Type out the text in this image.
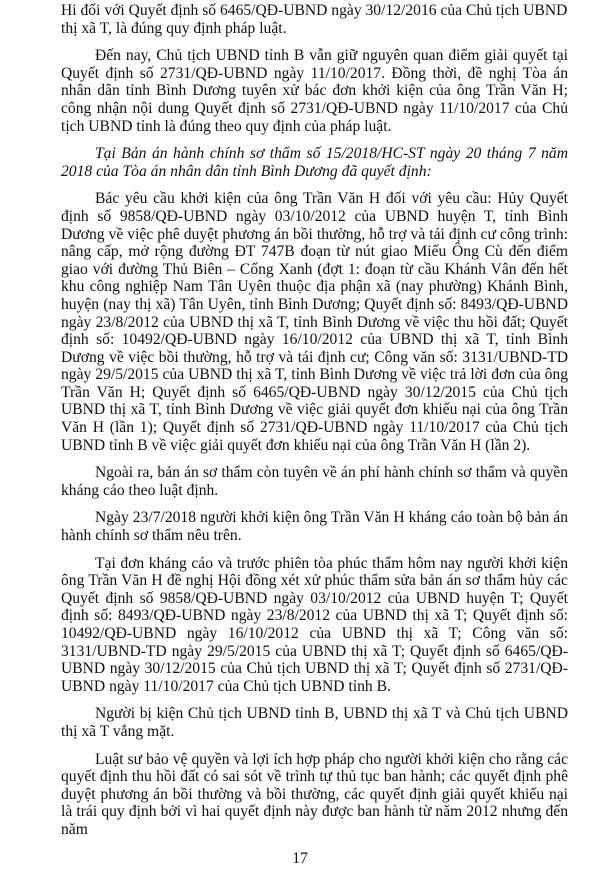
Hi đối với Quyết định số 6465/QĐ-UBND ngày 30/12/2016 của Chủ tịch UBND
thị xã T, là đúng quy định pháp luật.

Đến nay, Chủ tịch UBND tỉnh B vẫn giữ nguyên quan điểm giải quyết tại Quyết định số 2731/QĐ-UBND ngày 11/10/2017. Đồng thời, đề nghị Tòa án nhân dân tỉnh Bình Dương tuyên xử bác đơn khởi kiện của ông Trần Văn H; công nhận nội dung Quyết định số 2731/QĐ-UBND ngày 11/10/2017 của Chủ tịch UBND tỉnh là đúng theo quy định của pháp luật.

Tại Bản án hành chính sơ thẩm số 15/2018/HC-ST ngày 20 tháng 7 năm 2018 của Tòa án nhân dân tỉnh Bình Dương đã quyết định:

Bác yêu cầu khởi kiện của ông Trần Văn H đối với yêu cầu: Hủy Quyết định số 9858/QĐ-UBND ngày 03/10/2012 của UBND huyện T, tỉnh Bình Dương về việc phê duyệt phương án bồi thường, hỗ trợ và tái định cư công trình: nâng cấp, mở rộng đường ĐT 747B đoạn từ nút giao Miếu Ông Cù đến điểm giao với đường Thủ Biên – Cống Xanh (đợt 1: đoạn từ cầu Khánh Vân đến hết khu công nghiệp Nam Tân Uyên thuộc địa phận xã (nay phường) Khánh Bình, huyện (nay thị xã) Tân Uyên, tỉnh Bình Dương; Quyết định số: 8493/QĐ-UBND ngày 23/8/2012 của UBND thị xã T, tỉnh Bình Dương về việc thu hồi đất; Quyết định số: 10492/QĐ-UBND ngày 16/10/2012 của UBND thị xã T, tỉnh Bình Dương về việc bồi thường, hỗ trợ và tái định cư; Công văn số: 3131/UBND-TD ngày 29/5/2015 của UBND thị xã T, tỉnh Bình Dương về việc trả lời đơn của ông Trần Văn H; Quyết định số 6465/QĐ-UBND ngày 30/12/2015 của Chủ tịch UBND thị xã T, tỉnh Bình Dương về việc giải quyết đơn khiếu nại của ông Trần Văn H (lần 1); Quyết định số 2731/QĐ-UBND ngày 11/10/2017 của Chủ tịch UBND tỉnh B về việc giải quyết đơn khiếu nại của ông Trần Văn H (lần 2).

Ngoài ra, bản án sơ thẩm còn tuyên về án phí hành chính sơ thẩm và quyền kháng cáo theo luật định.

Ngày 23/7/2018 người khởi kiện ông Trần Văn H kháng cáo toàn bộ bản án hành chính sơ thẩm nêu trên.

Tại đơn kháng cáo và trước phiên tòa phúc thẩm hôm nay người khởi kiện ông Trần Văn H đề nghị Hội đồng xét xử phúc thẩm sửa bản án sơ thẩm hủy các Quyết định số 9858/QĐ-UBND ngày 03/10/2012 của UBND huyện T; Quyết định số: 8493/QĐ-UBND ngày 23/8/2012 của UBND thị xã T; Quyết định số: 10492/QĐ-UBND ngày 16/10/2012 của UBND thị xã T; Công văn số: 3131/UBND-TD ngày 29/5/2015 của UBND thị xã T; Quyết định số 6465/QĐ-UBND ngày 30/12/2015 của Chủ tịch UBND thị xã T; Quyết định số 2731/QĐ-UBND ngày 11/10/2017 của Chủ tịch UBND tỉnh B.

Người bị kiện Chủ tịch UBND tỉnh B, UBND thị xã T và Chủ tịch UBND thị xã T vắng mặt.

Luật sư bảo vệ quyền và lợi ích hợp pháp cho người khởi kiện cho rằng các quyết định thu hồi đất có sai sót về trình tự thủ tục ban hành; các quyết định phê duyệt phương án bồi thường và bồi thường, các quyết định giải quyết khiếu nại là trái quy định bởi vì hai quyết định này được ban hành từ năm 2012 nhưng đến năm

17
